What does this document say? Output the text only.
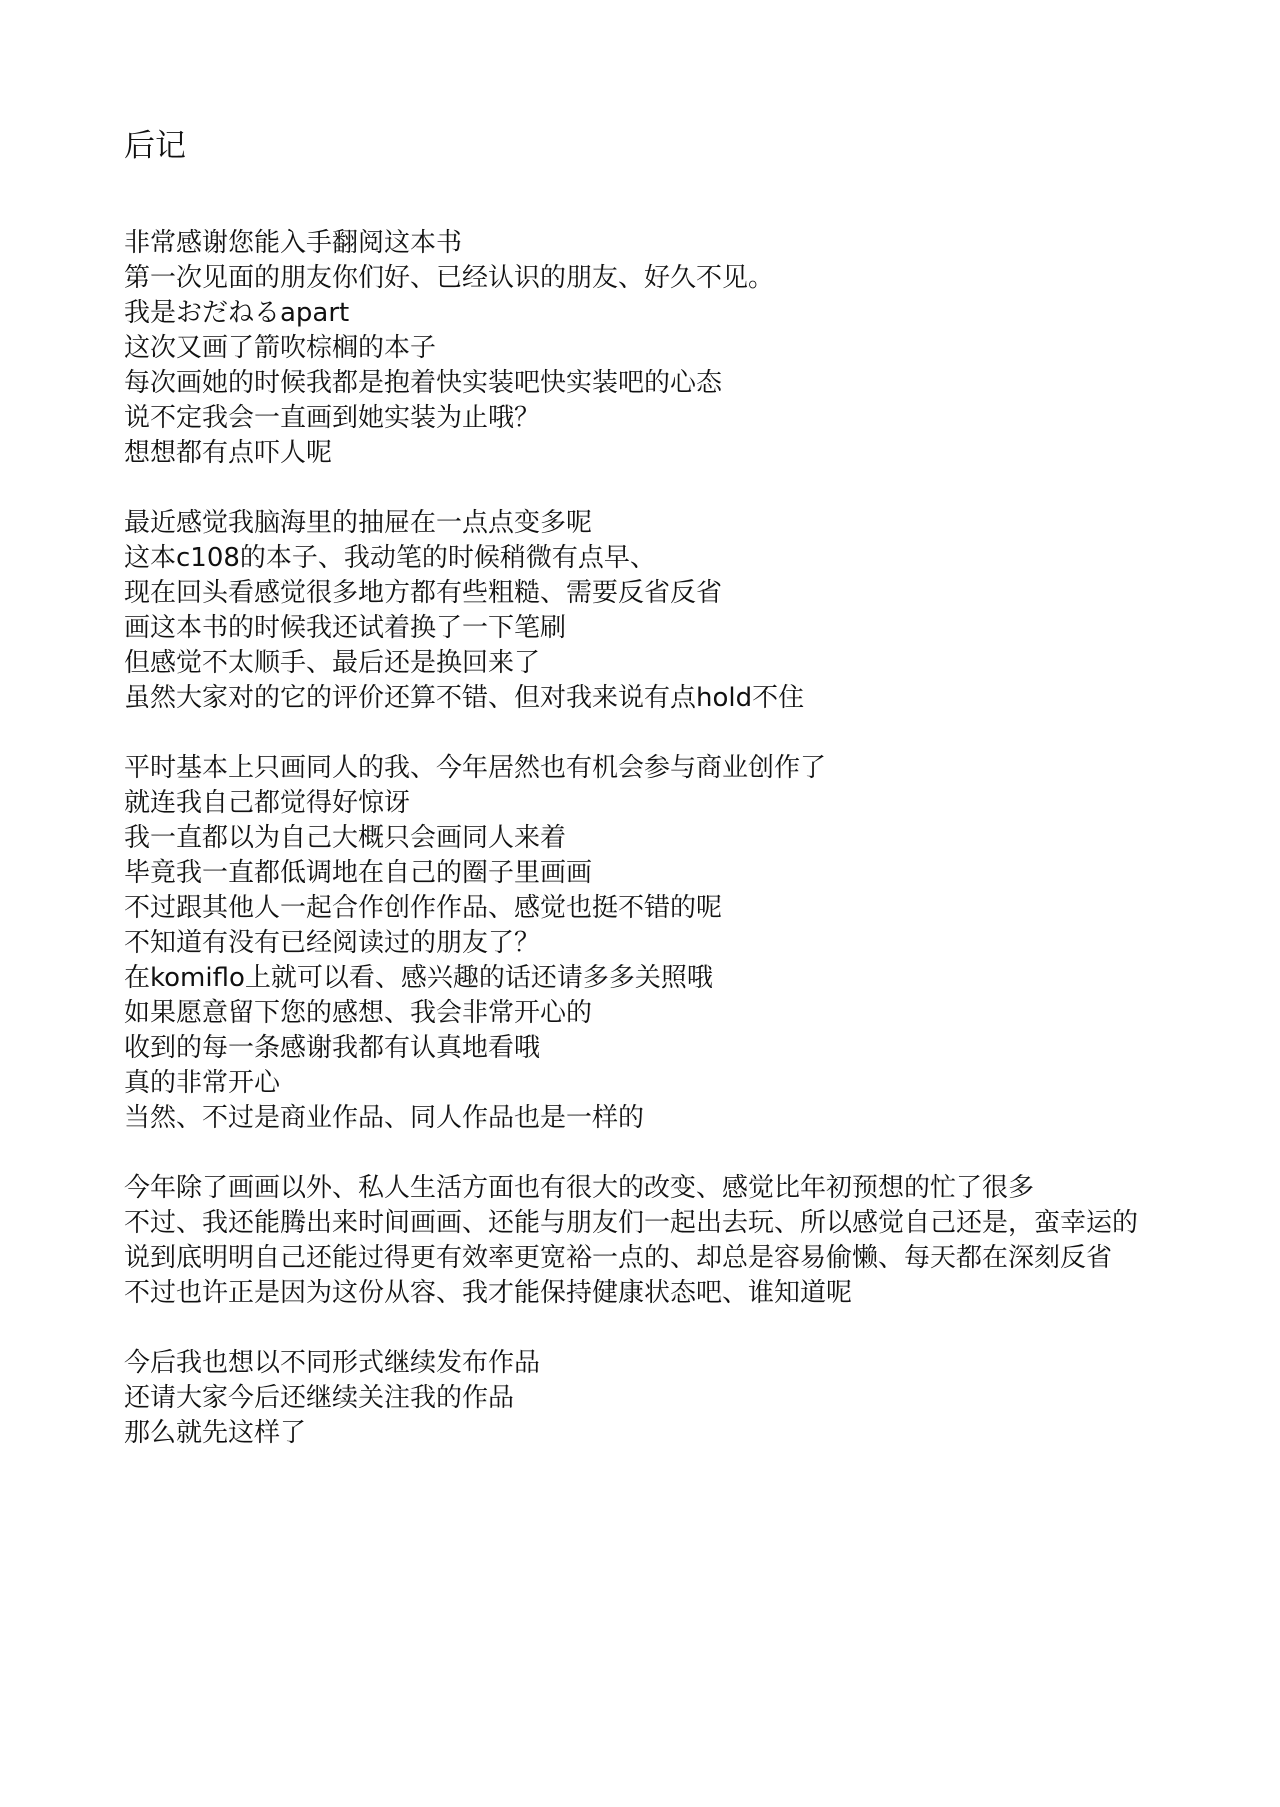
后记
非常感谢您能入手翻阅这本书
第一次见面的朋友你们好、已经认识的朋友、好久不见。
我是おだねるapart
这次又画了箭吹棕榈的本子
每次画她的时候我都是抱着快实装吧快实装吧的心态
说不定我会一直画到她实装为止哦？
想想都有点吓人呢
最近感觉我脑海里的抽屉在一点点变多呢
这本c108的本子、我动笔的时候稍微有点早、
现在回头看感觉很多地方都有些粗糙、需要反省反省
画这本书的时候我还试着换了一下笔刷
但感觉不太顺手、最后还是换回来了
虽然大家对的它的评价还算不错、但对我来说有点hold不住
平时基本上只画同人的我、今年居然也有机会参与商业创作了
就连我自己都觉得好惊讶
我一直都以为自己大概只会画同人来着
毕竟我一直都低调地在自己的圈子里画画
不过跟其他人一起合作创作作品、感觉也挺不错的呢
不知道有没有已经阅读过的朋友了？
在komiflo上就可以看、感兴趣的话还请多多关照哦
如果愿意留下您的感想、我会非常开心的
收到的每一条感谢我都有认真地看哦
真的非常开心
当然、不过是商业作品、同人作品也是一样的
今年除了画画以外、私人生活方面也有很大的改变、感觉比年初预想的忙了很多
不过、我还能腾出来时间画画、还能与朋友们一起出去玩、所以感觉自己还是，蛮幸运的
说到底明明自己还能过得更有效率更宽裕一点的、却总是容易偷懒、每天都在深刻反省
不过也许正是因为这份从容、我才能保持健康状态吧、谁知道呢
今后我也想以不同形式继续发布作品
还请大家今后还继续关注我的作品
那么就先这样了
